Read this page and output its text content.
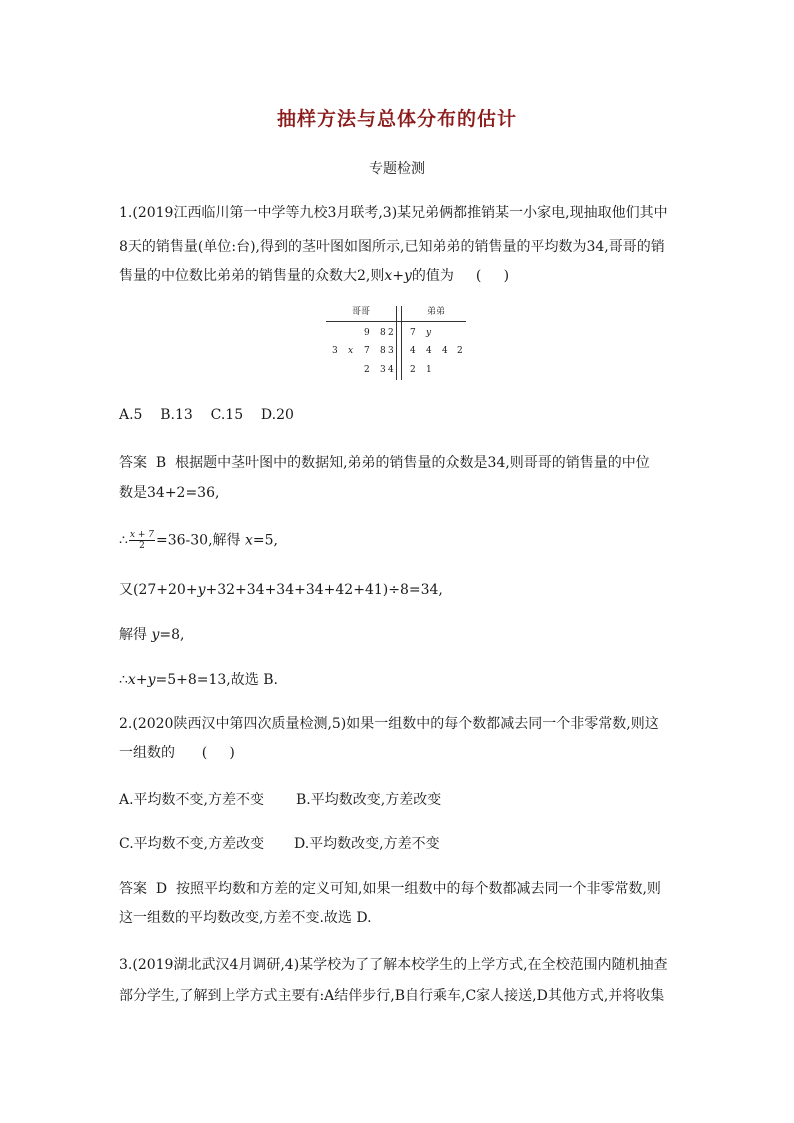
抽样方法与总体分布的估计
专题检测
1.(2019江西临川第一中学等九校3月联考,3)某兄弟俩都推销某一小家电,现抽取他们其中
8天的销售量(单位:台),得到的茎叶图如图所示,已知弟弟的销售量的平均数为34,哥哥的销
售量的中位数比弟弟的销售量的众数大2,则x+y的值为 (     )
哥哥	弟弟
9 8 2 7 y
3 x 7 8 3 4 4 4 2
2 3 4 2 1
A.5    B.13    C.15    D.20
答案  B  根据题中茎叶图中的数据知,弟弟的销售量的众数是34,则哥哥的销售量的中位
数是34+2=36,
∴ $\frac{x + 7}{2} =36-30$,解得 x=5,
又(27+20+y+32+34+34+34+42+41)÷8=34,
解得 y=8,
∴x+y=5+8=13,故选 B.
2.(2020陕西汉中第四次质量检测,5)如果一组数中的每个数都减去同一个非零常数,则这
一组数的      (     )
A.平均数不变,方差不变 B.平均数改变,方差改变
C.平均数不变,方差改变 D.平均数改变,方差不变
答案  D  按照平均数和方差的定义可知,如果一组数中的每个数都减去同一个非零常数,则
这一组数的平均数改变,方差不变.故选 D.
3.(2019湖北武汉4月调研,4)某学校为了了解本校学生的上学方式,在全校范围内随机抽查
部分学生,了解到上学方式主要有:A结伴步行,B自行乘车,C家人接送,D其他方式,并将收集
